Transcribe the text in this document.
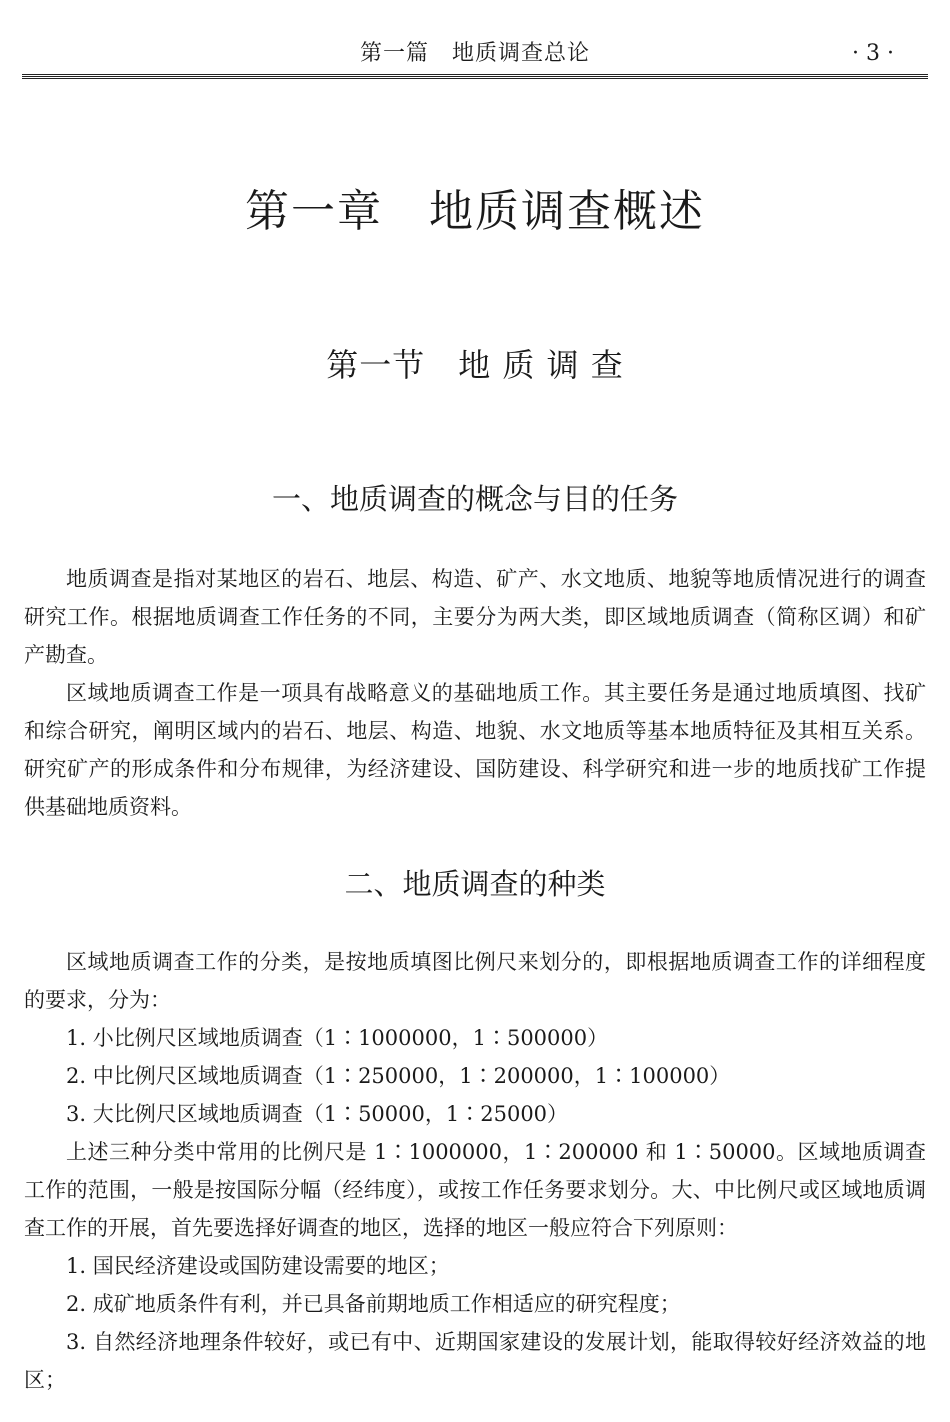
第一篇　地质调查总论	· 3 ·
第一章　地质调查概述
第一节　地 质 调 查
一、地质调查的概念与目的任务

地质调查是指对某地区的岩石、地层、构造、矿产、水文地质、地貌等地质情况进行的调查研究工作。根据地质调查工作任务的不同，主要分为两大类，即区域地质调查（简称区调）和矿产勘查。

区域地质调查工作是一项具有战略意义的基础地质工作。其主要任务是通过地质填图、找矿和综合研究，阐明区域内的岩石、地层、构造、地貌、水文地质等基本地质特征及其相互关系。研究矿产的形成条件和分布规律，为经济建设、国防建设、科学研究和进一步的地质找矿工作提供基础地质资料。

二、地质调查的种类

区域地质调查工作的分类，是按地质填图比例尺来划分的，即根据地质调查工作的详细程度的要求，分为：

1. 小比例尺区域地质调查（1∶1000000，1∶500000）

2. 中比例尺区域地质调查（1∶250000，1∶200000，1∶100000）

3. 大比例尺区域地质调查（1∶50000，1∶25000）

上述三种分类中常用的比例尺是 1∶1000000，1∶200000 和 1∶50000。区域地质调查工作的范围，一般是按国际分幅（经纬度），或按工作任务要求划分。大、中比例尺或区域地质调查工作的开展，首先要选择好调查的地区，选择的地区一般应符合下列原则：

1. 国民经济建设或国防建设需要的地区；

2. 成矿地质条件有利，并已具备前期地质工作相适应的研究程度；

3. 自然经济地理条件较好，或已有中、近期国家建设的发展计划，能取得较好经济效益的地区；
